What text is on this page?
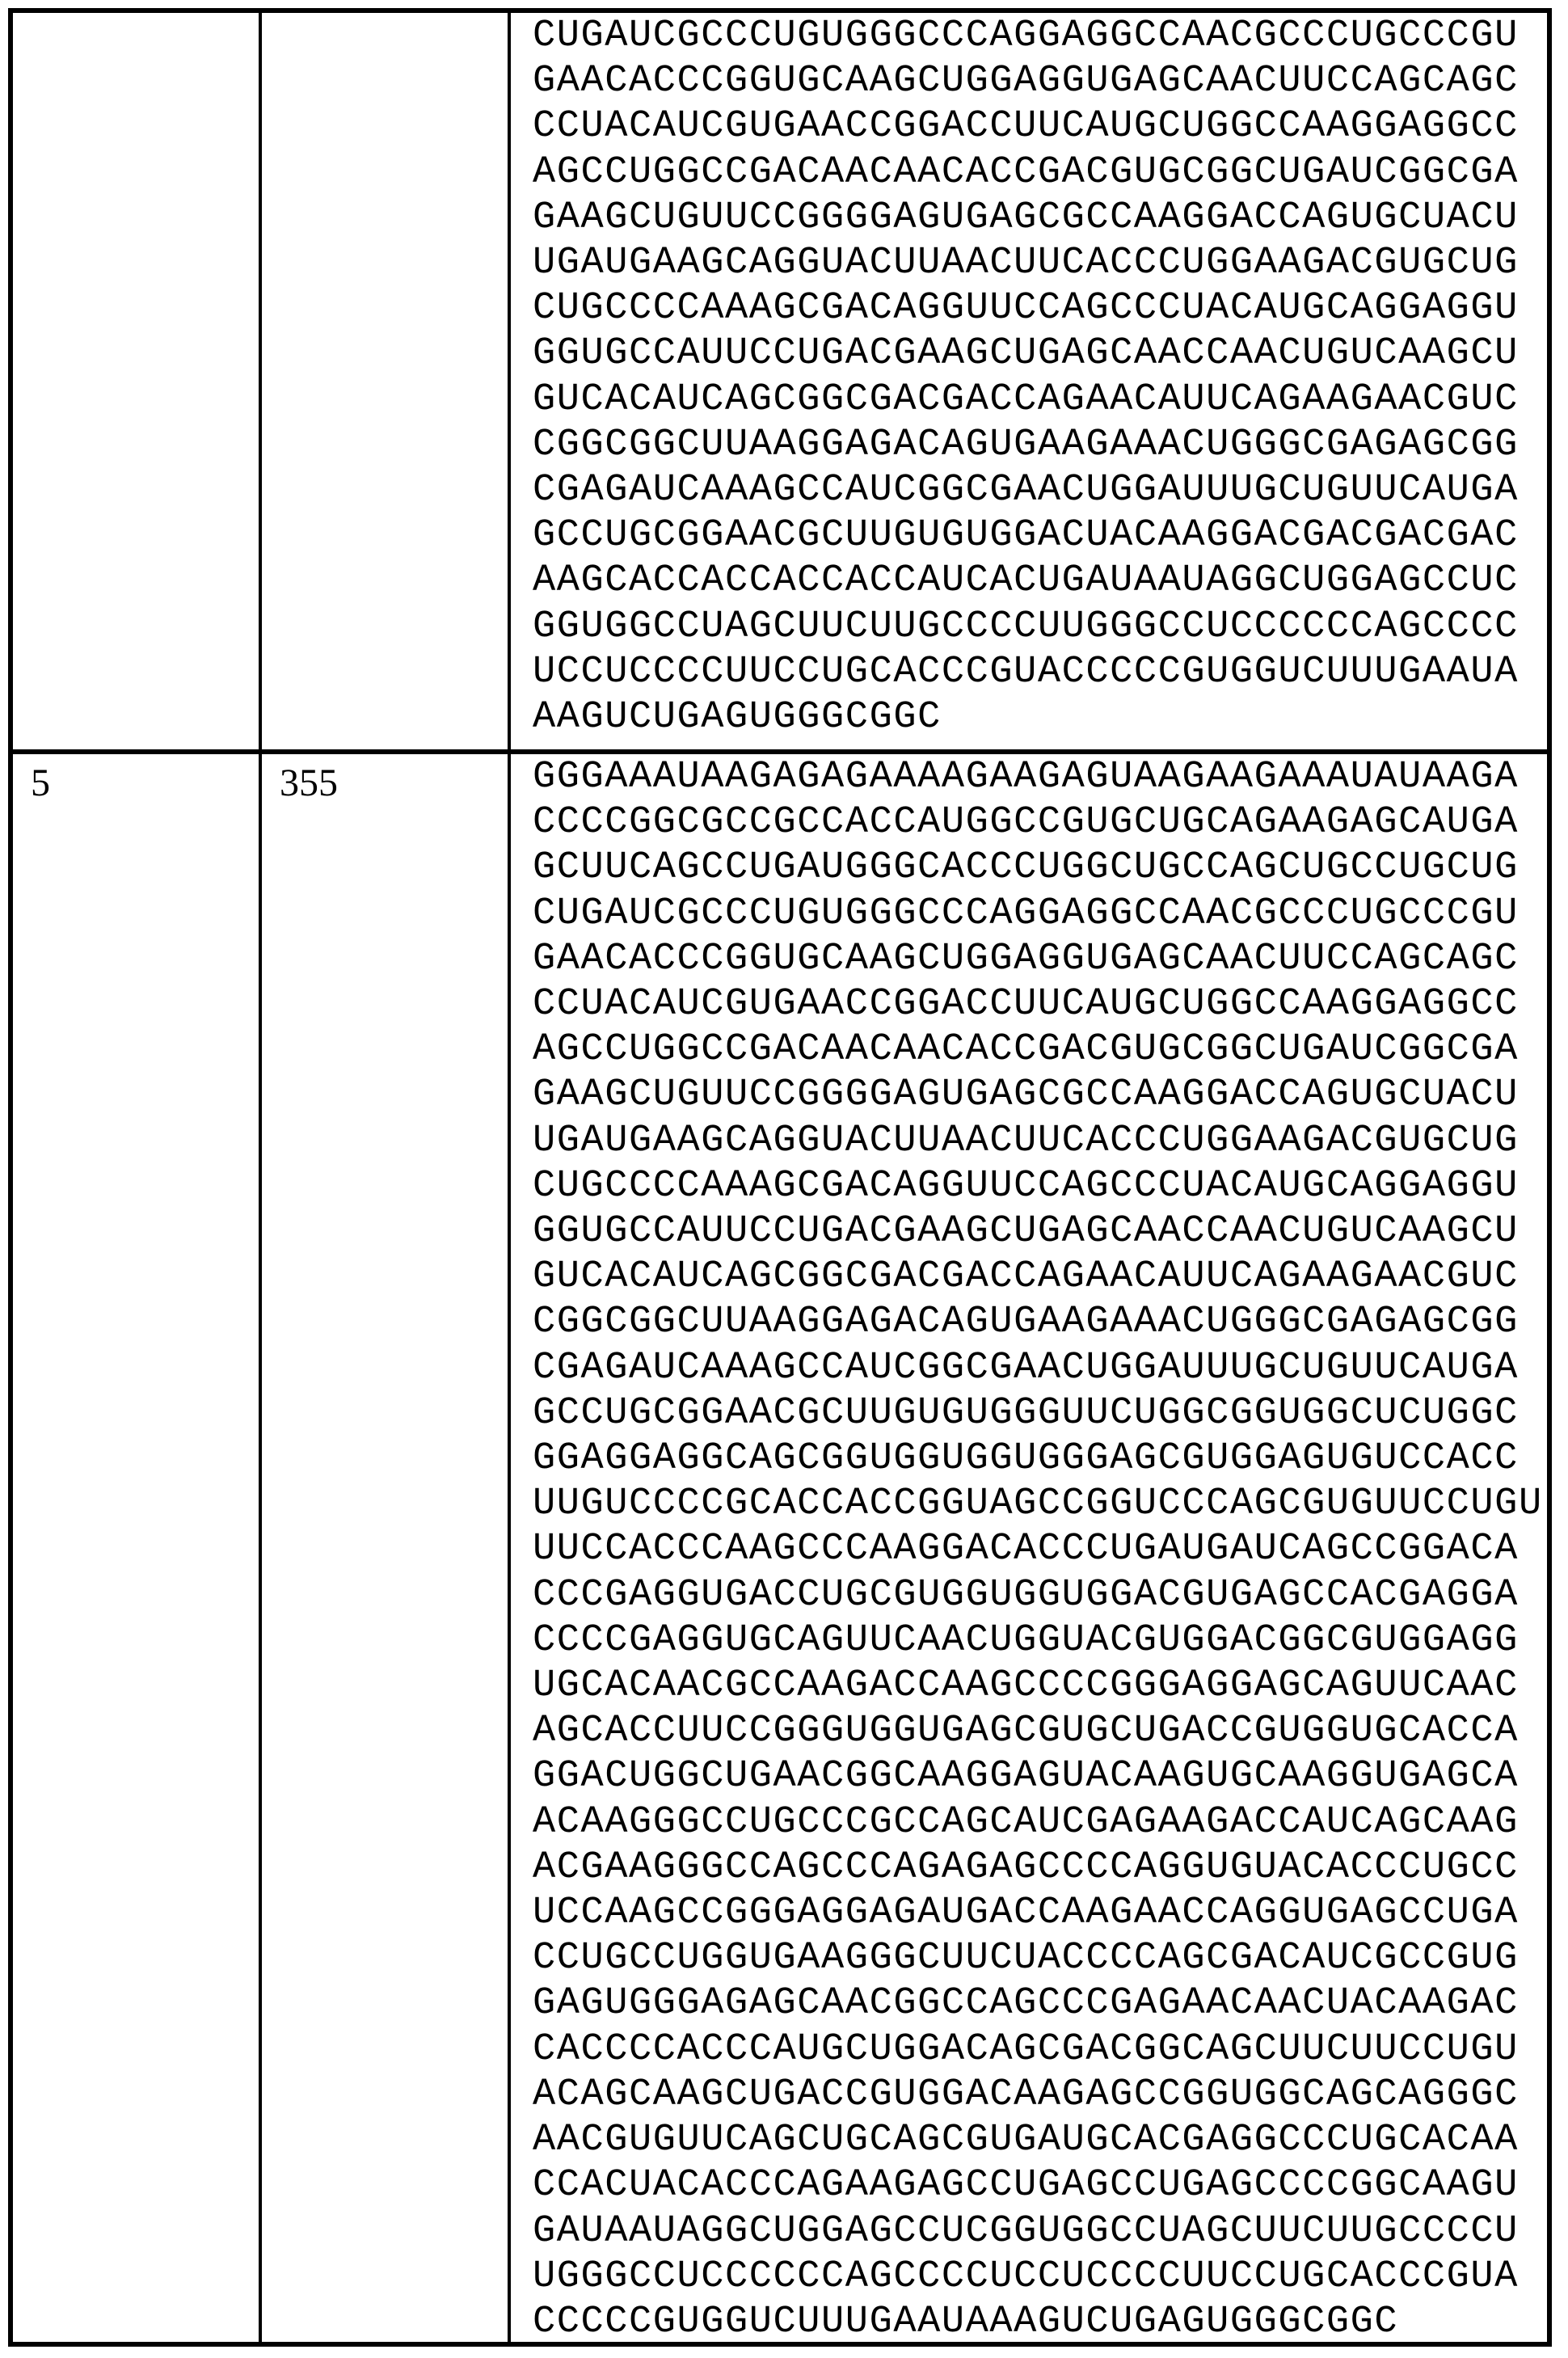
CUGAUCGCCCUGUGGGCCCAGGAGGCCAACGCCCUGCCCGU
GAACACCCGGUGCAAGCUGGAGGUGAGCAACUUCCAGCAGC
CCUACAUCGUGAACCGGACCUUCAUGCUGGCCAAGGAGGCC
AGCCUGGCCGACAACAACACCGACGUGCGGCUGAUCGGCGA
GAAGCUGUUCCGGGGAGUGAGCGCCAAGGACCAGUGCUACU
UGAUGAAGCAGGUACUUAACUUCACCCUGGAAGACGUGCUG
CUGCCCCAAAGCGACAGGUUCCAGCCCUACAUGCAGGAGGU
GGUGCCAUUCCUGACGAAGCUGAGCAACCAACUGUCAAGCU
GUCACAUCAGCGGCGACGACCAGAACAUUCAGAAGAACGUC
CGGCGGCUUAAGGAGACAGUGAAGAAACUGGGCGAGAGCGG
CGAGAUCAAAGCCAUCGGCGAACUGGAUUUGCUGUUCAUGA
GCCUGCGGAACGCUUGUGUGGACUACAAGGACGACGACGAC
AAGCACCACCACCACCAUCACUGAUAAUAGGCUGGAGCCUC
GGUGGCCUAGCUUCUUGCCCCUUGGGCCUCCCCCCAGCCCC
UCCUCCCCUUCCUGCACCCGUACCCCCGUGGUCUUUGAAUA
AAGUCUGAGUGGGCGGC
5	355	GGGAAAUAAGAGAGAAAAGAAGAGUAAGAAGAAAUAUAAGA
CCCCGGCGCCGCCACCAUGGCCGUGCUGCAGAAGAGCAUGA
GCUUCAGCCUGAUGGGCACCCUGGCUGCCAGCUGCCUGCUG
CUGAUCGCCCUGUGGGCCCAGGAGGCCAACGCCCUGCCCGU
GAACACCCGGUGCAAGCUGGAGGUGAGCAACUUCCAGCAGC
CCUACAUCGUGAACCGGACCUUCAUGCUGGCCAAGGAGGCC
AGCCUGGCCGACAACAACACCGACGUGCGGCUGAUCGGCGA
GAAGCUGUUCCGGGGAGUGAGCGCCAAGGACCAGUGCUACU
UGAUGAAGCAGGUACUUAACUUCACCCUGGAAGACGUGCUG
CUGCCCCAAAGCGACAGGUUCCAGCCCUACAUGCAGGAGGU
GGUGCCAUUCCUGACGAAGCUGAGCAACCAACUGUCAAGCU
GUCACAUCAGCGGCGACGACCAGAACAUUCAGAAGAACGUC
CGGCGGCUUAAGGAGACAGUGAAGAAACUGGGCGAGAGCGG
CGAGAUCAAAGCCAUCGGCGAACUGGAUUUGCUGUUCAUGA
GCCUGCGGAACGCUUGUGUGGGUUCUGGCGGUGGCUCUGGC
GGAGGAGGCAGCGGUGGUGGUGGGAGCGUGGAGUGUCCACC
UUGUCCCCGCACCACCGGUAGCCGGUCCCAGCGUGUUCCUGU
UUCCACCCAAGCCCAAGGACACCCUGAUGAUCAGCCGGACA
CCCGAGGUGACCUGCGUGGUGGUGGACGUGAGCCACGAGGA
CCCCGAGGUGCAGUUCAACUGGUACGUGGACGGCGUGGAGG
UGCACAACGCCAAGACCAAGCCCCGGGAGGAGCAGUUCAAC
AGCACCUUCCGGGUGGUGAGCGUGCUGACCGUGGUGCACCA
GGACUGGCUGAACGGCAAGGAGUACAAGUGCAAGGUGAGCA
ACAAGGGCCUGCCCGCCAGCAUCGAGAAGACCAUCAGCAAG
ACGAAGGGCCAGCCCAGAGAGCCCCAGGUGUACACCCUGCC
UCCAAGCCGGGAGGAGAUGACCAAGAACCAGGUGAGCCUGA
CCUGCCUGGUGAAGGGCUUCUACCCCAGCGACAUCGCCGUG
GAGUGGGAGAGCAACGGCCAGCCCGAGAACAACUACAAGAC
CACCCCACCCAUGCUGGACAGCGACGGCAGCUUCUUCCUGU
ACAGCAAGCUGACCGUGGACAAGAGCCGGUGGCAGCAGGGC
AACGUGUUCAGCUGCAGCGUGAUGCACGAGGCCCUGCACAA
CCACUACACCCAGAAGAGCCUGAGCCUGAGCCCCGGCAAGU
GAUAAUAGGCUGGAGCCUCGGUGGCCUAGCUUCUUGCCCCU
UGGGCCUCCCCCCAGCCCCUCCUCCCCUUCCUGCACCCGUA
CCCCCGUGGUCUUUGAAUAAAGUCUGAGUGGGCGGC
